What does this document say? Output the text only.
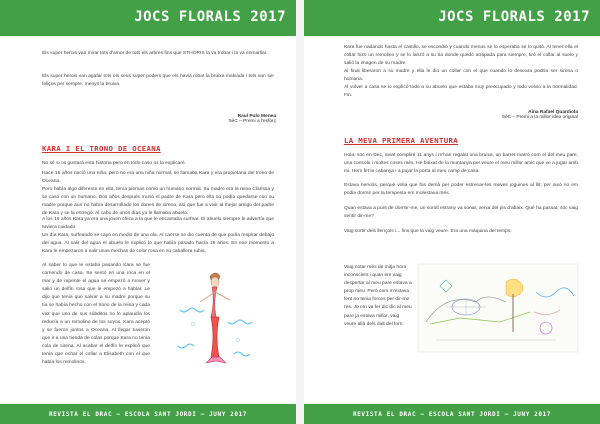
JOCS FLORALS 2017

Els super herois van mirar tots d'amor de tots els arbres fins que STHORIS la va trobar i la va enmarllar.

Els super herois van agafar tots els seus super poders que els havia robat la bruixa malvada i tots van ser feliços per sempre, menys la bruixa.

Raul Pulo Menea
5èC – Premi a l'esforç
KARA I EL TRONO DE OCEANA

No sé si os gustará esta historia pero en todo caso os la explicaré.

Hace 16 años nació una niña, pero no era una niña normal, se llamaba Kara y era propietaria del trono de Oceana.

Pero había algo diferente en ella, tenía piernas como un humano normal. Su madre era la reina Clarissa y se casó con un humano. Dos años después murió el padre de Kara pero ella no podía quedarse con su madre porque aún no había desarrollado los dones de sirena, así que fue a vivir al mejor amigo del padre de Kara y se la entregó. Al cabo de unos días ya le llamaba abuelo.

A los 16 años Kara ya era una joven chica a la que le encantaba surfear. El abuelo siempre le advertía que tuviera cuidado.

Un día Kara, surfeando se cayó en medio de una ola. Al caerse se dio cuenta de que podía respirar debajo del agua. Al salir del agua el abuelo le explicó lo que había pasado hacía 16 años. En ese momento a Kara le empezaron a salir unas mechas de color rosa en su caballera rubia.

Al saber lo que le estaba pasando Kara se fue corriendo de casa. Se sentó en una roca en el mar y de repente el agua se empezó a mover y salió un delfín rosa que le empezó a hablar. Le dijo que tenía que salvar a su madre porque su tía se había hecho con el trono de la reina y cada vez que uno de sus súbditos no le aplaudía los reducía a un remolino de los suyos. Kara aceptó y se fueron juntos a Oceana. Al llegar tuvieron que ir a una tienda de colas porque Kara no tenía cola de sirena. Al acabar el delfín le explicó que tenía que echar el collar a Elisabeth con el que había los remolinos.

REVISTA EL DRAC – ESCOLA SANT JORDI – JUNY 2017
JOCS FLORALS 2017

Kara fue nadando hasta el castillo, se escondió y cuando menos se lo esperaba se lo quitó. Al tener ella el collar hizo un remolino y se lo lanzó a su tía donde quedó atrapada para siempre, tiró el collar al suelo y salió la imagen de su madre.

Al final liberaron a su madre y ella le dio un collar con el que cuando lo deseara podría ser sirena o humana.

Al volver a casa se lo explicó todo a su abuelo que estaba muy preocupado y todo volvió a la normalidad. Fin.

Aina Rafael Quardiola
5èC – Premi a la millor idea original
LA MEVA PRIMERA AVENTURA

Hola, soc en Dec, aviat compliré 11 anys i m'han regalat una bruixa, un barret marró com el del meu pare, una consola i moltes coses més. He baixat de la muntanya per veure el meu millor amic que ve a jugar amb mi. Hem fet la cabanya i a pujar la porta al meu camp de casa.

Estava nerviós, perquè volia que fos demà per poder estrenar-les meves joguines al llit, per això no em podia dormir per la tempesta em molestava més.

Quan estava a punt de dormir-me, un soroll estrany va sonar, venia del pis d'abaix. Què ha passat, sóc vaig sentir dir-me?

Vaig sortir dels llençols i... fins que la vaig veure. Era una màquina del temps.

Vaig notar més de mitja hora inconscient i quan em vaig despertar al meu pare estava a prop meu. Però com m'estava fent no tenia forces per dir-me res. Jo em va fer dic dic al meu pare ja estava millor, vaig veure allà dels dalt del forn.

REVISTA EL DRAC – ESCOLA SANT JORDI – JUNY 2017
